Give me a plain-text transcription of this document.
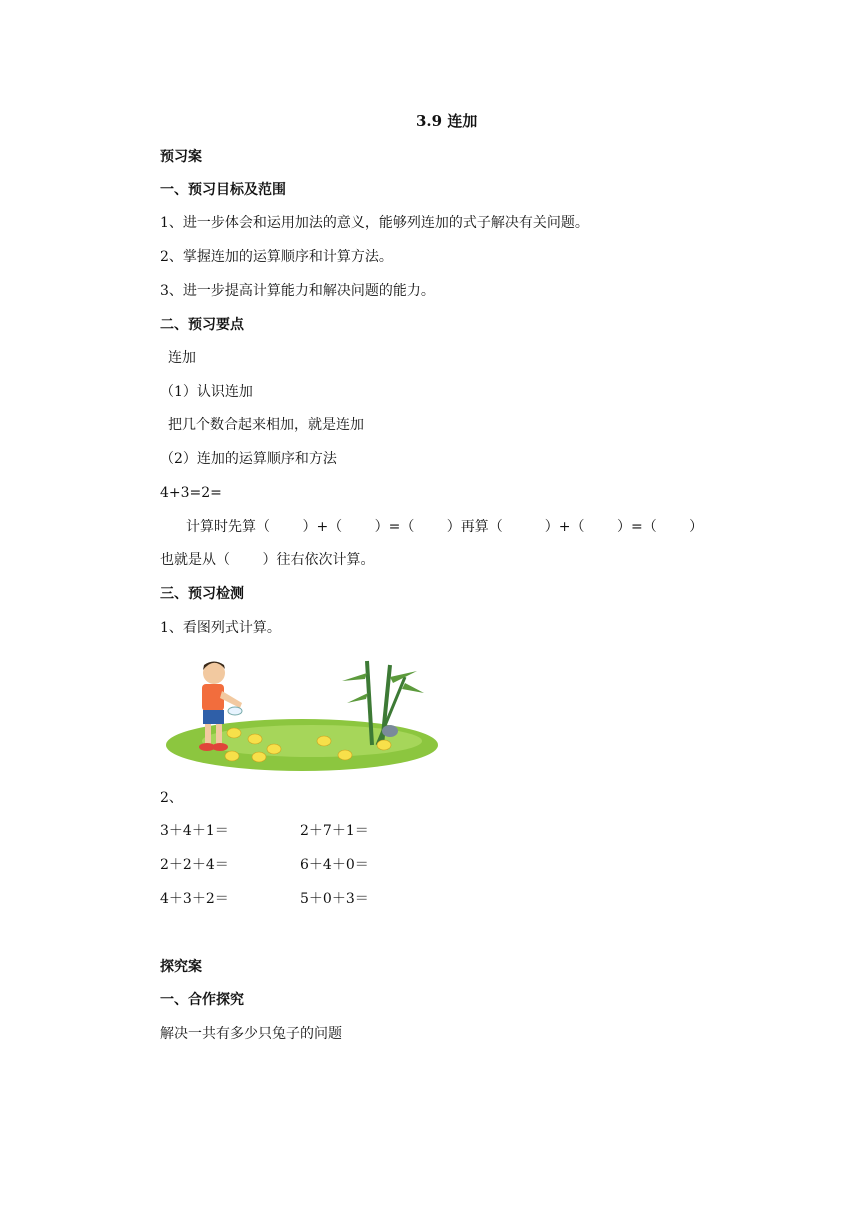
3.9 连加
预习案
一、预习目标及范围
1、进一步体会和运用加法的意义，能够列连加的式子解决有关问题。
2、掌握连加的运算顺序和计算方法。
3、进一步提高计算能力和解决问题的能力。
二、预习要点
连加
（1）认识连加
把几个数合起来相加，就是连加
（2）连加的运算顺序和方法
4+3=2=
计算时先算（　　 ）+（　　 ）=（　　 ）再算（　　　）+（　　 ）=（　　 ）
也就是从（　　 ）往右依次计算。
三、预习检测
1、看图列式计算。
2、
3＋4＋1＝	2＋7＋1＝
2＋2＋4＝	6＋4＋0＝
4＋3＋2＝	5＋0＋3＝
探究案
一、合作探究
解决一共有多少只兔子的问题
